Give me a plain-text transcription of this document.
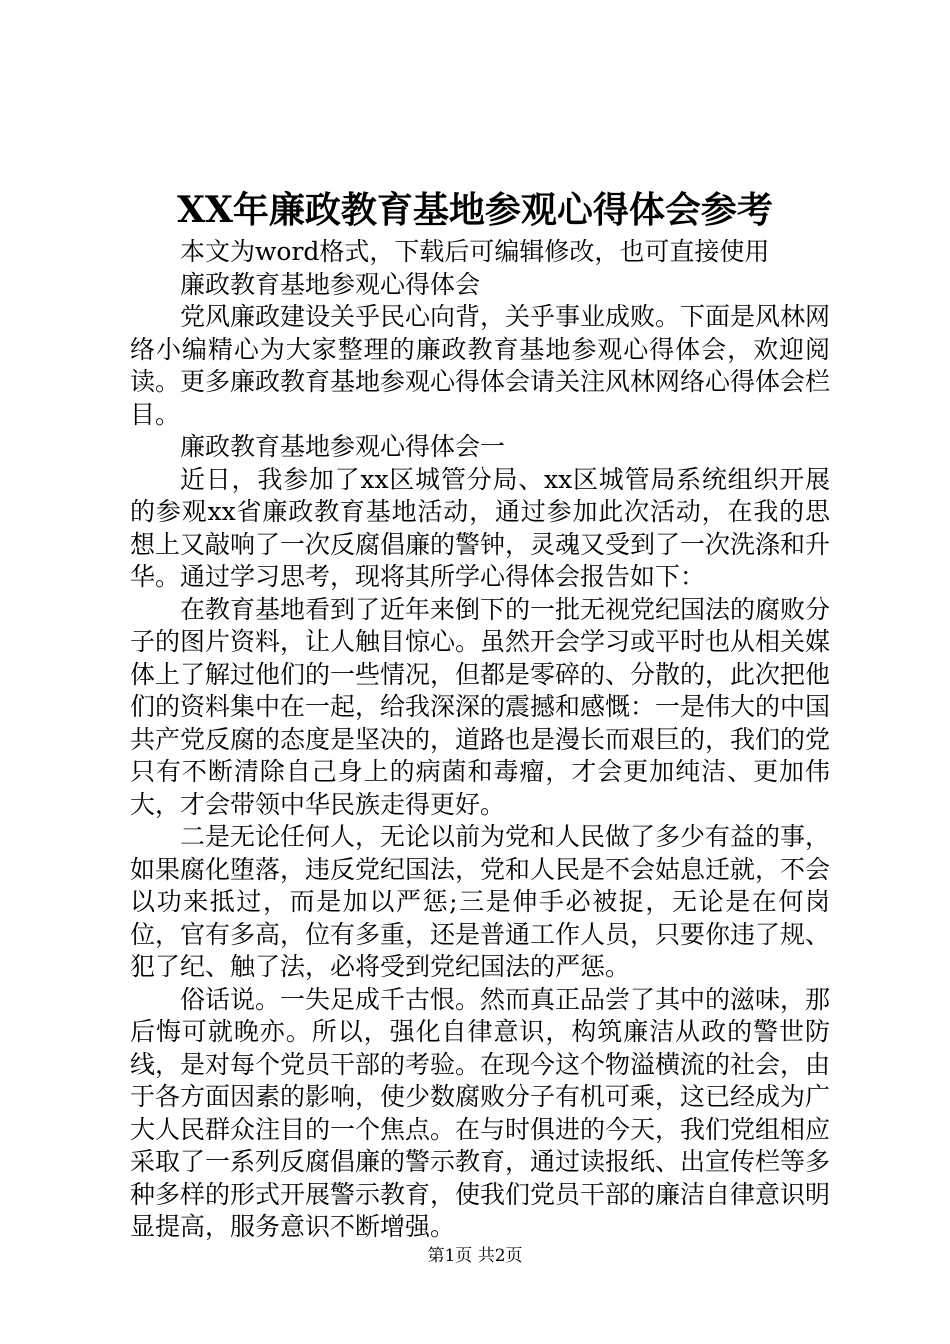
XX年廉政教育基地参观心得体会参考

本文为word格式，下载后可编辑修改，也可直接使用

廉政教育基地参观心得体会

党风廉政建设关乎民心向背，关乎事业成败。下面是风林网络小编精心为大家整理的廉政教育基地参观心得体会，欢迎阅读。更多廉政教育基地参观心得体会请关注风林网络心得体会栏目。

廉政教育基地参观心得体会一

近日，我参加了xx区城管分局、xx区城管局系统组织开展的参观xx省廉政教育基地活动，通过参加此次活动，在我的思想上又敲响了一次反腐倡廉的警钟，灵魂又受到了一次洗涤和升华。通过学习思考，现将其所学心得体会报告如下：

在教育基地看到了近年来倒下的一批无视党纪国法的腐败分子的图片资料，让人触目惊心。虽然开会学习或平时也从相关媒体上了解过他们的一些情况，但都是零碎的、分散的，此次把他们的资料集中在一起，给我深深的震撼和感慨：一是伟大的中国共产党反腐的态度是坚决的，道路也是漫长而艰巨的，我们的党只有不断清除自己身上的病菌和毒瘤，才会更加纯洁、更加伟大，才会带领中华民族走得更好。

二是无论任何人，无论以前为党和人民做了多少有益的事，如果腐化堕落，违反党纪国法，党和人民是不会姑息迁就，不会以功来抵过，而是加以严惩;三是伸手必被捉，无论是在何岗位，官有多高，位有多重，还是普通工作人员，只要你违了规、犯了纪、触了法，必将受到党纪国法的严惩。

俗话说。一失足成千古恨。然而真正品尝了其中的滋味，那后悔可就晚亦。所以，强化自律意识，构筑廉洁从政的警世防线，是对每个党员干部的考验。在现今这个物溢横流的社会，由于各方面因素的影响，使少数腐败分子有机可乘，这已经成为广大人民群众注目的一个焦点。在与时俱进的今天，我们党组相应采取了一系列反腐倡廉的警示教育，通过读报纸、出宣传栏等多种多样的形式开展警示教育，使我们党员干部的廉洁自律意识明显提高，服务意识不断增强。

第1页 共2页
